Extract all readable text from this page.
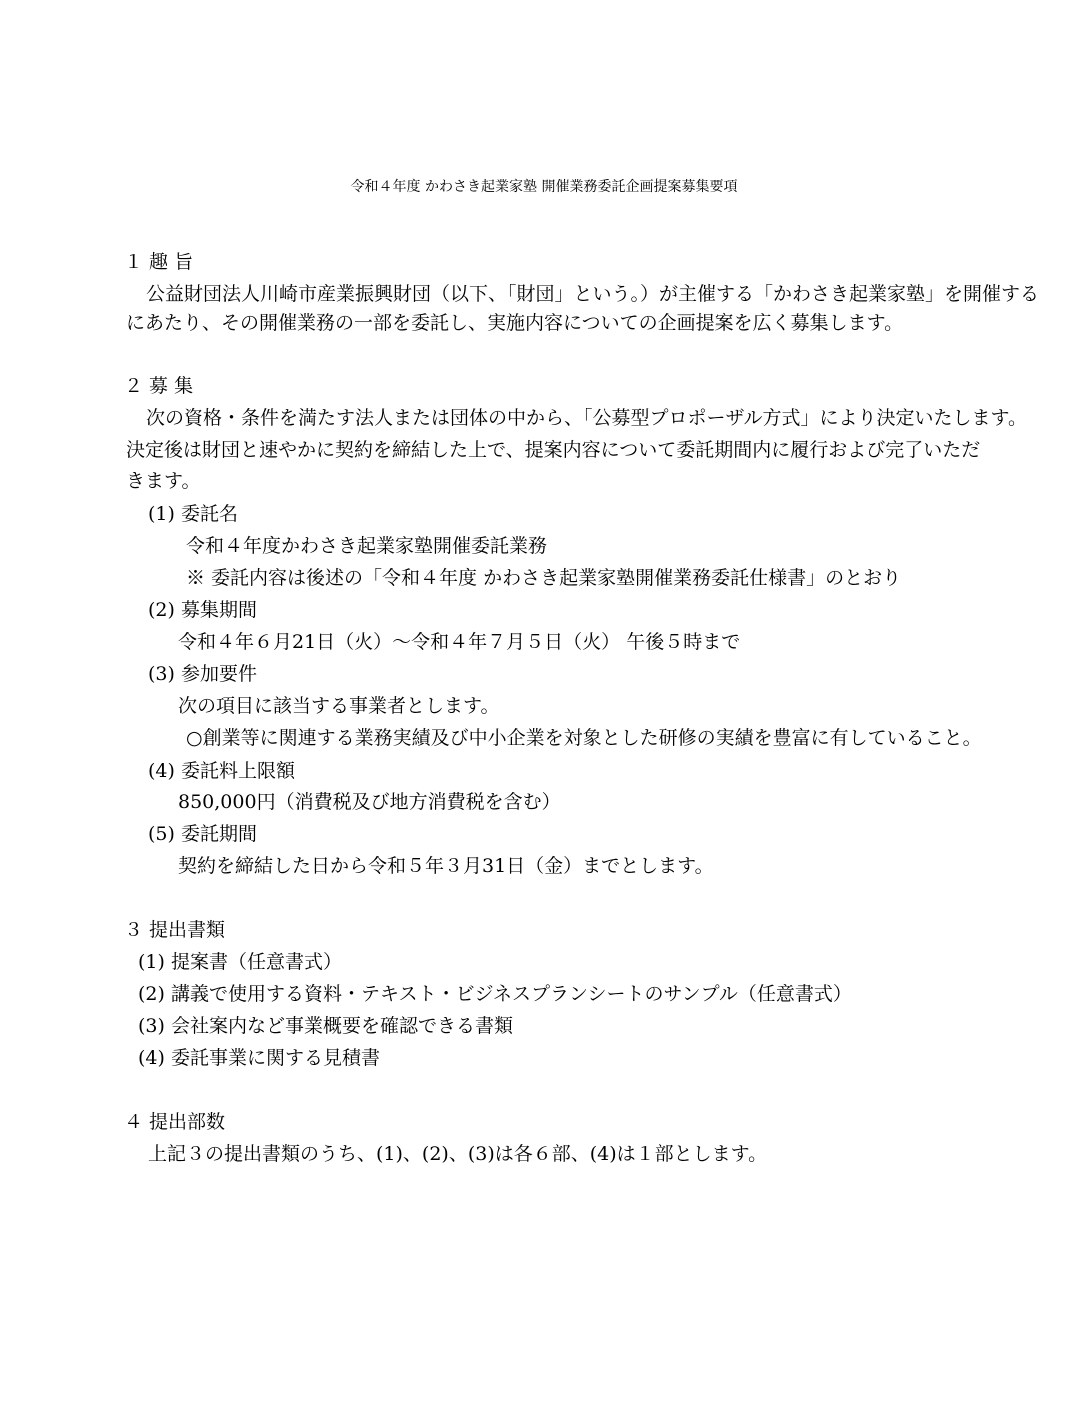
令和４年度 かわさき起業家塾 開催業務委託企画提案募集要項
１ 趣 旨
公益財団法人川崎市産業振興財団（以下、「財団」という。）が主催する「かわさき起業家塾」を開催する
にあたり、その開催業務の一部を委託し、実施内容についての企画提案を広く募集します。
２ 募 集
次の資格・条件を満たす法人または団体の中から、「公募型プロポーザル方式」により決定いたします。
決定後は財団と速やかに契約を締結した上で、提案内容について委託期間内に履行および完了いただ
きます。
(1) 委託名
令和４年度かわさき起業家塾開催委託業務
※ 委託内容は後述の「令和４年度 かわさき起業家塾開催業務委託仕様書」のとおり
(2) 募集期間
令和４年６月21日（火）～令和４年７月５日（火） 午後５時まで
(3) 参加要件
次の項目に該当する事業者とします。
○創業等に関連する業務実績及び中小企業を対象とした研修の実績を豊富に有していること。
(4) 委託料上限額
850,000円（消費税及び地方消費税を含む）
(5) 委託期間
契約を締結した日から令和５年３月31日（金）までとします。
３ 提出書類
(1) 提案書（任意書式）
(2) 講義で使用する資料・テキスト・ビジネスプランシートのサンプル（任意書式）
(3) 会社案内など事業概要を確認できる書類
(4) 委託事業に関する見積書
４ 提出部数
上記３の提出書類のうち、(1)、(2)、(3)は各６部、(4)は１部とします。
